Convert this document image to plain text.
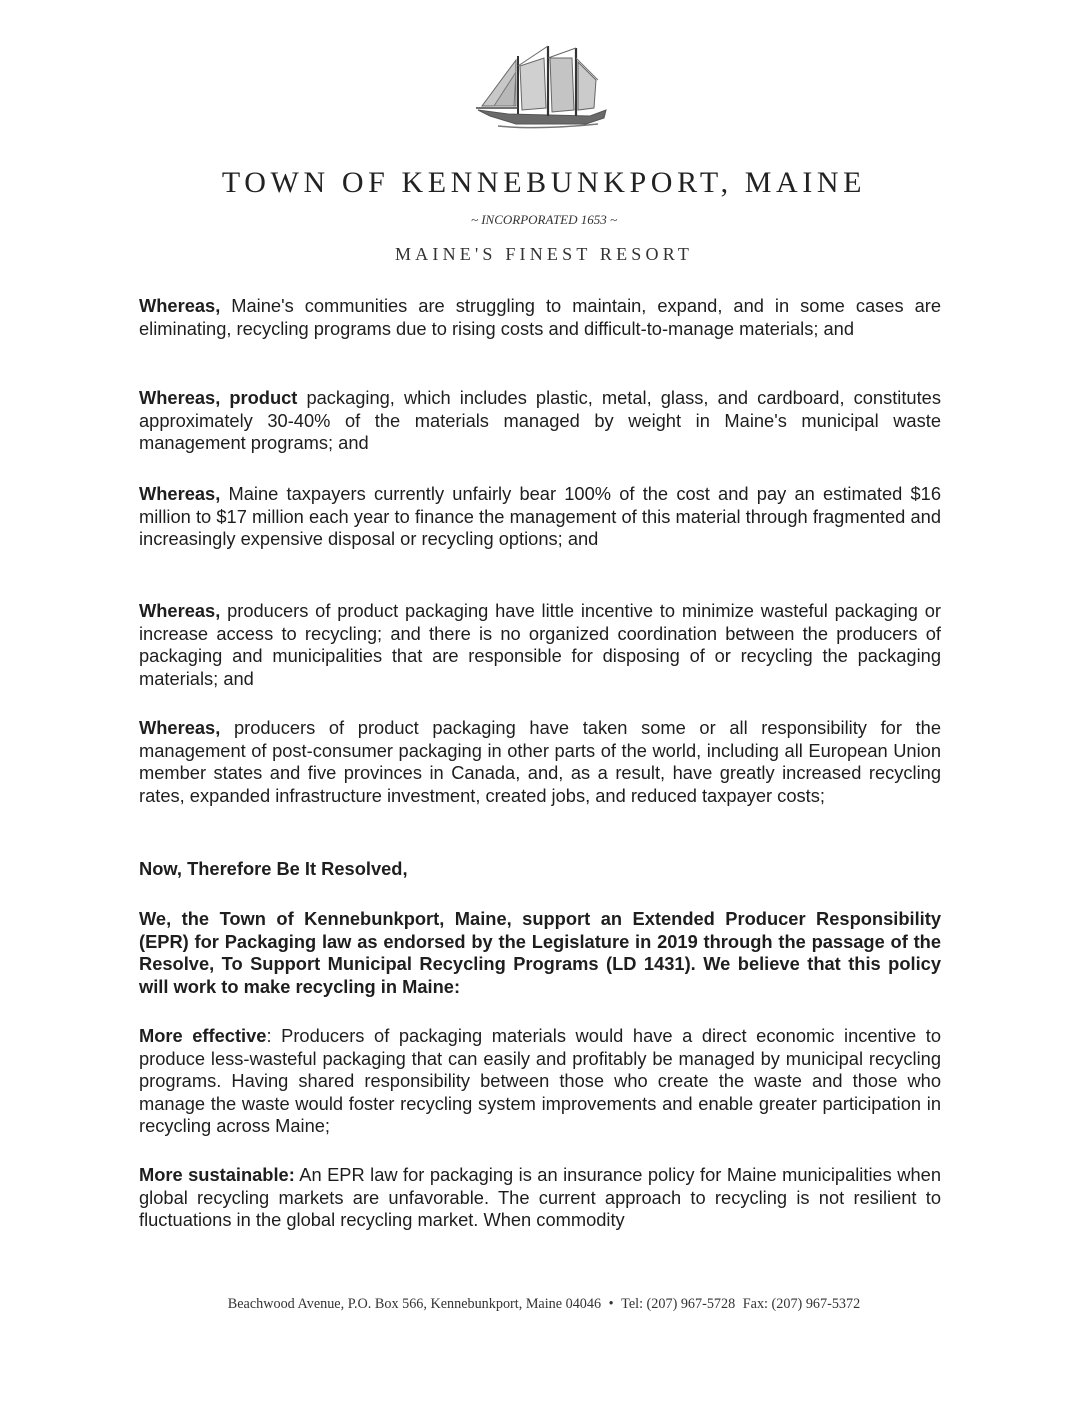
TOWN OF KENNEBUNKPORT, MAINE
~ INCORPORATED 1653 ~
MAINE'S FINEST RESORT

Whereas, Maine's communities are struggling to maintain, expand, and in some cases are eliminating, recycling programs due to rising costs and difficult-to-manage materials; and

Whereas, product packaging, which includes plastic, metal, glass, and cardboard, constitutes approximately 30-40% of the materials managed by weight in Maine's municipal waste management programs; and

Whereas, Maine taxpayers currently unfairly bear 100% of the cost and pay an estimated $16 million to $17 million each year to finance the management of this material through fragmented and increasingly expensive disposal or recycling options; and

Whereas, producers of product packaging have little incentive to minimize wasteful packaging or increase access to recycling; and there is no organized coordination between the producers of packaging and municipalities that are responsible for disposing of or recycling the packaging materials; and

Whereas, producers of product packaging have taken some or all responsibility for the management of post-consumer packaging in other parts of the world, including all European Union member states and five provinces in Canada, and, as a result, have greatly increased recycling rates, expanded infrastructure investment, created jobs, and reduced taxpayer costs;

Now, Therefore Be It Resolved,

We, the Town of Kennebunkport, Maine, support an Extended Producer Responsibility (EPR) for Packaging law as endorsed by the Legislature in 2019 through the passage of the Resolve, To Support Municipal Recycling Programs (LD 1431). We believe that this policy will work to make recycling in Maine:

More effective: Producers of packaging materials would have a direct economic incentive to produce less-wasteful packaging that can easily and profitably be managed by municipal recycling programs. Having shared responsibility between those who create the waste and those who manage the waste would foster recycling system improvements and enable greater participation in recycling across Maine;

More sustainable: An EPR law for packaging is an insurance policy for Maine municipalities when global recycling markets are unfavorable. The current approach to recycling is not resilient to fluctuations in the global recycling market. When commodity

Beachwood Avenue, P.O. Box 566, Kennebunkport, Maine 04046 • Tel: (207) 967-5728 Fax: (207) 967-5372
